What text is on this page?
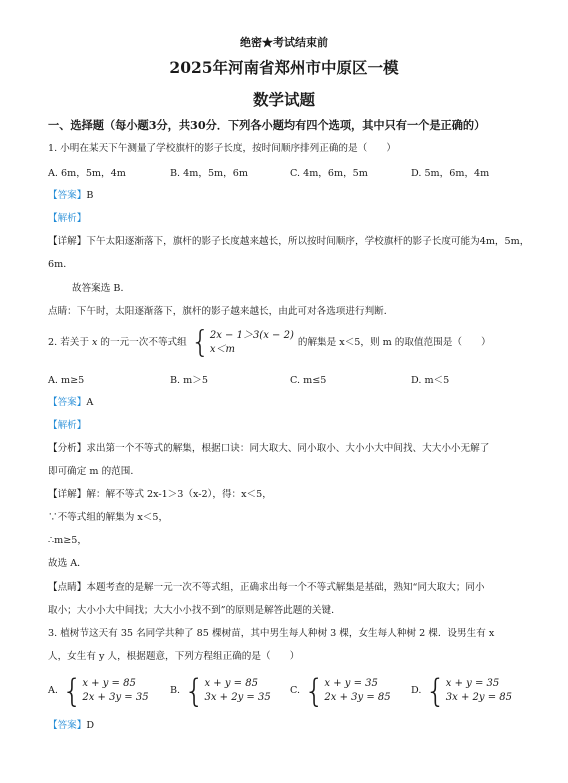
绝密★考试结束前
2025年河南省郑州市中原区一模
数学试题
一、选择题（每小题3分，共30分．下列各小题均有四个选项，其中只有一个是正确的）
1. 小明在某天下午测量了学校旗杆的影子长度，按时间顺序排列正确的是（　　）
A. 6m，5m，4m	B. 4m，5m，6m	C. 4m，6m，5m	D. 5m，6m，4m
【答案】B
【解析】
【详解】下午太阳逐渐落下，旗杆的影子长度越来越长，所以按时间顺序，学校旗杆的影子长度可能为4m，5m，
6m．
故答案选 B．
点睛：下午时，太阳逐渐落下，旗杆的影子越来越长，由此可对各选项进行判断．
2. 若关于 x 的一元一次不等式组 { 2x − 1＞3(x − 2)
x＜m
的解集是 x＜5，则 m 的取值范围是（　　）
A. m≥5	B. m＞5	C. m≤5	D. m＜5
【答案】A
【解析】
【分析】求出第一个不等式的解集，根据口诀：同大取大、同小取小、大小小大中间找、大大小小无解了
即可确定 m 的范围．
【详解】解：解不等式 2x-1＞3（x-2），得：x＜5，
∵不等式组的解集为 x＜5，
∴m≥5，
故选 A．
【点睛】本题考查的是解一元一次不等式组，正确求出每一个不等式解集是基础，熟知“同大取大；同小
取小；大小小大中间找；大大小小找不到”的原则是解答此题的关键．
3. 植树节这天有 35 名同学共种了 85 棵树苗，其中男生每人种树 3 棵，女生每人种树 2 棵．设男生有 x
人，女生有 y 人，根据题意，下列方程组正确的是（　　）
A. { x + y = 85
2x + 3y = 35
B. { x + y = 85
3x + 2y = 35
C. { x + y = 35
2x + 3y = 85
D. { x + y = 35
3x + 2y = 85
【答案】D
